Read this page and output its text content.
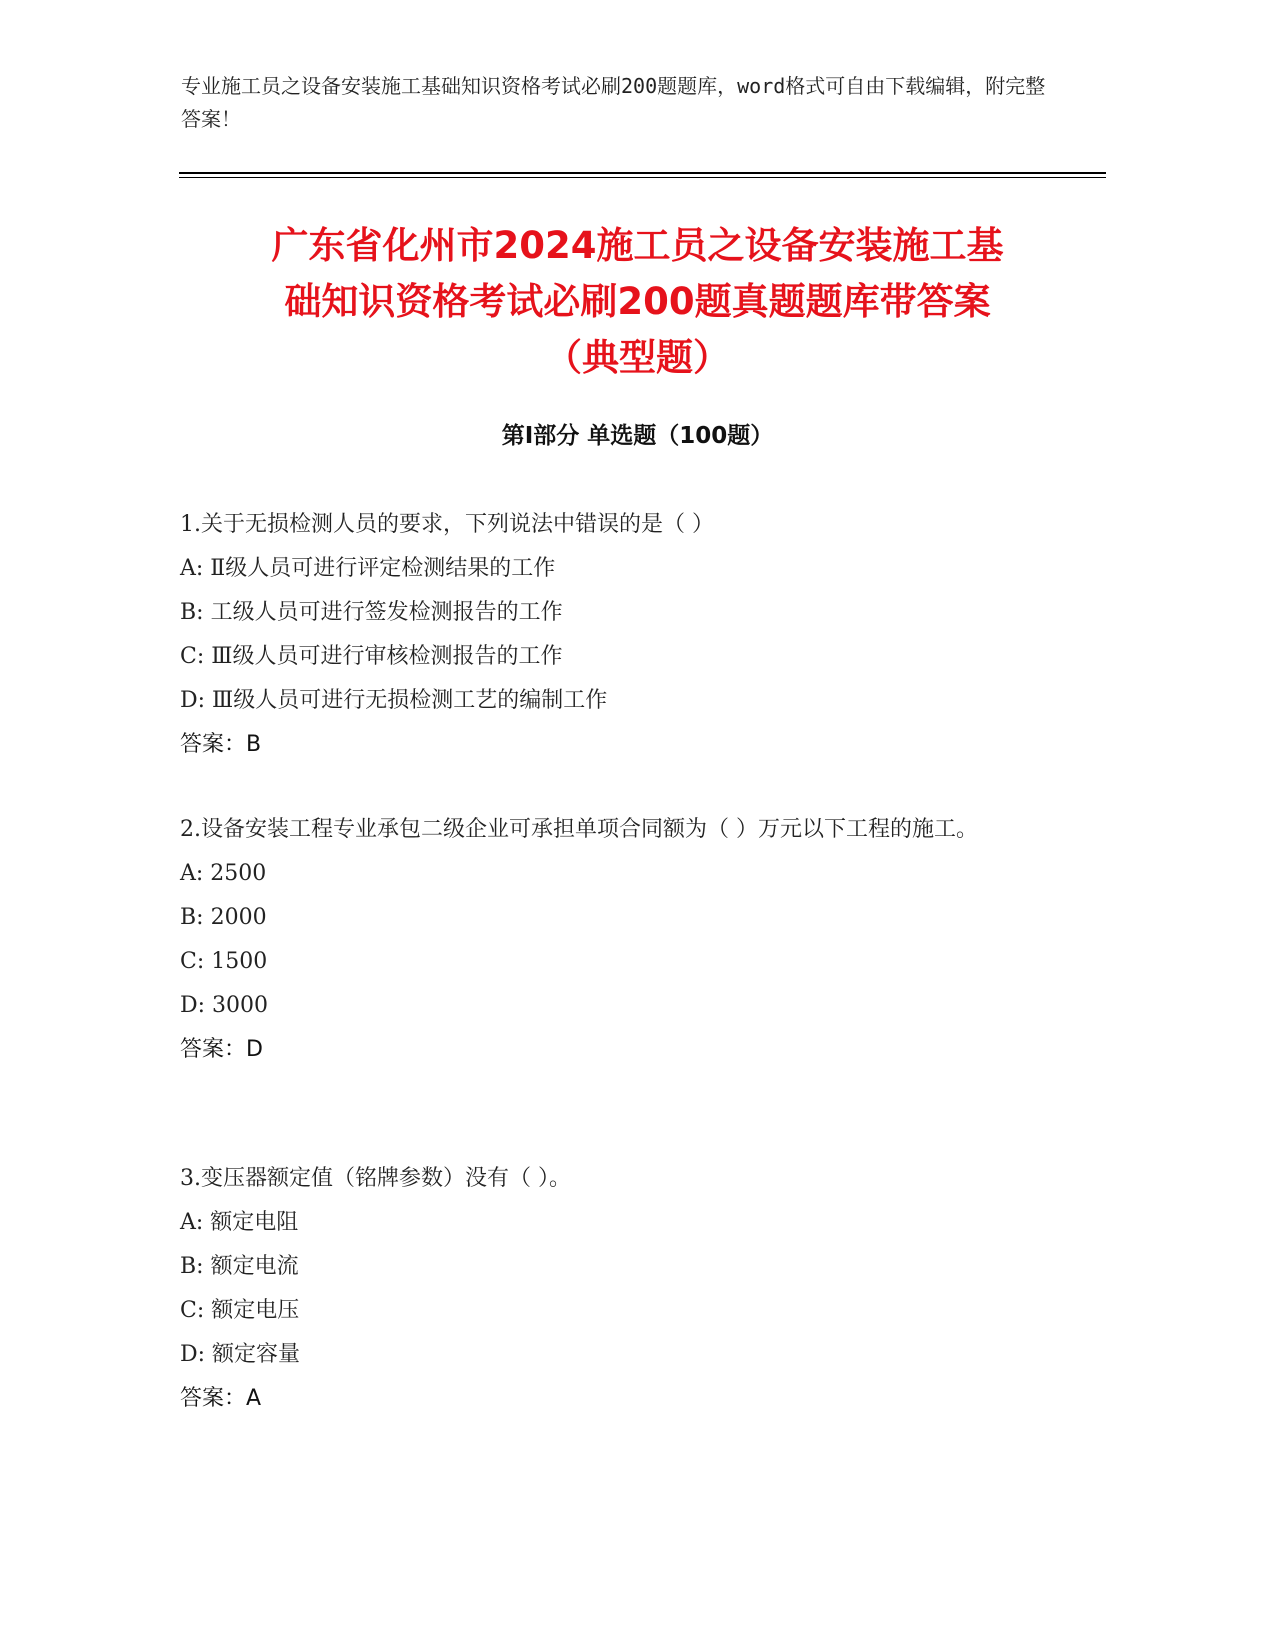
专业施工员之设备安装施工基础知识资格考试必刷200题题库，word格式可自由下载编辑，附完整答案！
广东省化州市2024施工员之设备安装施工基
础知识资格考试必刷200题真题题库带答案
（典型题）
第I部分 单选题（100题）

1.关于无损检测人员的要求，下列说法中错误的是（ ）

A: Ⅱ级人员可进行评定检测结果的工作

B: 工级人员可进行签发检测报告的工作

C: Ⅲ级人员可进行审核检测报告的工作

D: Ⅲ级人员可进行无损检测工艺的编制工作

答案：B

2.设备安装工程专业承包二级企业可承担单项合同额为（ ）万元以下工程的施工。

A: 2500

B: 2000

C: 1500

D: 3000

答案：D

3.变压器额定值（铭牌参数）没有（ ）。

A: 额定电阻

B: 额定电流

C: 额定电压

D: 额定容量

答案：A
